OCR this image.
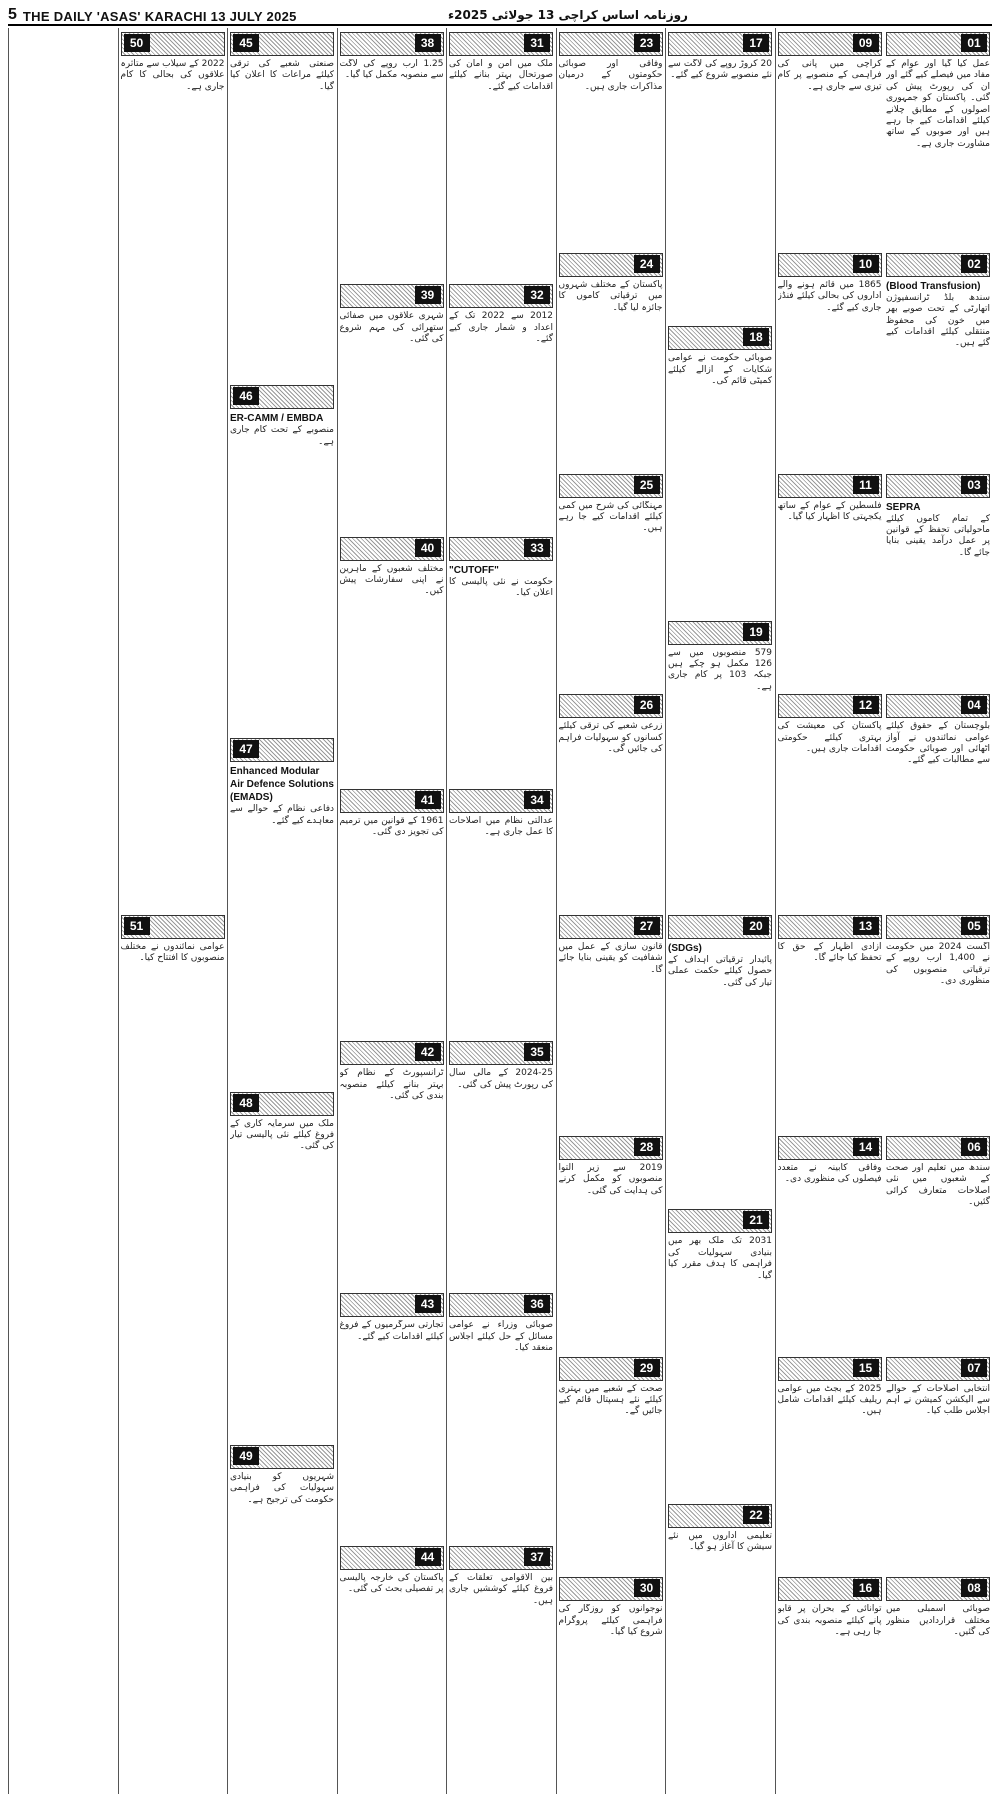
5 THE DAILY 'ASAS' KARACHI 13 JULY 2025	روزنامہ اساس کراچی 13 جولائی 2025ء
01
عمل کیا گیا اور عوام کے مفاد میں فیصلے کیے گئے اور ان کی رپورٹ پیش کی گئی۔ پاکستان کو جمہوری اصولوں کے مطابق چلانے کیلئے اقدامات کیے جا رہے ہیں اور صوبوں کے ساتھ مشاورت جاری ہے۔
02
(Blood Transfusion)
سندھ بلڈ ٹرانسفیوژن اتھارٹی کے تحت صوبے بھر میں خون کی محفوظ منتقلی کیلئے اقدامات کیے گئے ہیں۔
03
SEPRA
کے تمام کاموں کیلئے ماحولیاتی تحفظ کے قوانین پر عمل درآمد یقینی بنایا جائے گا۔
04
بلوچستان کے حقوق کیلئے عوامی نمائندوں نے آواز اٹھائی اور صوبائی حکومت سے مطالبات کیے گئے۔
05
اگست 2024 میں حکومت نے 1,400 ارب روپے کے ترقیاتی منصوبوں کی منظوری دی۔
06
سندھ میں تعلیم اور صحت کے شعبوں میں نئی اصلاحات متعارف کرائی گئیں۔
07
انتخابی اصلاحات کے حوالے سے الیکشن کمیشن نے اہم اجلاس طلب کیا۔
08
صوبائی اسمبلی میں مختلف قراردادیں منظور کی گئیں۔
09
کراچی میں پانی کی فراہمی کے منصوبے پر کام تیزی سے جاری ہے۔
10
1865 میں قائم ہونے والے اداروں کی بحالی کیلئے فنڈز جاری کیے گئے۔
11
فلسطین کے عوام کے ساتھ یکجہتی کا اظہار کیا گیا۔
12
پاکستان کی معیشت کی بہتری کیلئے حکومتی اقدامات جاری ہیں۔
13
آزادی اظہار کے حق کا تحفظ کیا جائے گا۔
14
وفاقی کابینہ نے متعدد فیصلوں کی منظوری دی۔
15
2025 کے بجٹ میں عوامی ریلیف کیلئے اقدامات شامل ہیں۔
16
توانائی کے بحران پر قابو پانے کیلئے منصوبہ بندی کی جا رہی ہے۔
17
20 کروڑ روپے کی لاگت سے نئے منصوبے شروع کیے گئے۔
18
صوبائی حکومت نے عوامی شکایات کے ازالے کیلئے کمیٹی قائم کی۔
19
579 منصوبوں میں سے 126 مکمل ہو چکے ہیں جبکہ 103 پر کام جاری ہے۔
20
(SDGs)
پائیدار ترقیاتی اہداف کے حصول کیلئے حکمت عملی تیار کی گئی۔
21
2031 تک ملک بھر میں بنیادی سہولیات کی فراہمی کا ہدف مقرر کیا گیا۔
22
تعلیمی اداروں میں نئے سیشن کا آغاز ہو گیا۔
23
وفاقی اور صوبائی حکومتوں کے درمیان مذاکرات جاری ہیں۔
24
پاکستان کے مختلف شہروں میں ترقیاتی کاموں کا جائزہ لیا گیا۔
25
مہنگائی کی شرح میں کمی کیلئے اقدامات کیے جا رہے ہیں۔
26
زرعی شعبے کی ترقی کیلئے کسانوں کو سہولیات فراہم کی جائیں گی۔
27
قانون سازی کے عمل میں شفافیت کو یقینی بنایا جائے گا۔
28
2019 سے زیر التوا منصوبوں کو مکمل کرنے کی ہدایت کی گئی۔
29
صحت کے شعبے میں بہتری کیلئے نئے ہسپتال قائم کیے جائیں گے۔
30
نوجوانوں کو روزگار کی فراہمی کیلئے پروگرام شروع کیا گیا۔
31
ملک میں امن و امان کی صورتحال بہتر بنانے کیلئے اقدامات کیے گئے۔
32
2012 سے 2022 تک کے اعداد و شمار جاری کیے گئے۔
33
"CUTOFF"
حکومت نے نئی پالیسی کا اعلان کیا۔
34
عدالتی نظام میں اصلاحات کا عمل جاری ہے۔
35
2024-25 کے مالی سال کی رپورٹ پیش کی گئی۔
36
صوبائی وزراء نے عوامی مسائل کے حل کیلئے اجلاس منعقد کیا۔
37
بین الاقوامی تعلقات کے فروغ کیلئے کوششیں جاری ہیں۔
38
1.25 ارب روپے کی لاگت سے منصوبہ مکمل کیا گیا۔
39
شہری علاقوں میں صفائی ستھرائی کی مہم شروع کی گئی۔
40
مختلف شعبوں کے ماہرین نے اپنی سفارشات پیش کیں۔
41
1961 کے قوانین میں ترمیم کی تجویز دی گئی۔
42
ٹرانسپورٹ کے نظام کو بہتر بنانے کیلئے منصوبہ بندی کی گئی۔
43
تجارتی سرگرمیوں کے فروغ کیلئے اقدامات کیے گئے۔
44
پاکستان کی خارجہ پالیسی پر تفصیلی بحث کی گئی۔
45
صنعتی شعبے کی ترقی کیلئے مراعات کا اعلان کیا گیا۔
46
ER-CAMM / EMBDA
منصوبے کے تحت کام جاری ہے۔
47
Enhanced Modular Air Defence Solutions (EMADS)
دفاعی نظام کے حوالے سے معاہدے کیے گئے۔
48
ملک میں سرمایہ کاری کے فروغ کیلئے نئی پالیسی تیار کی گئی۔
49
شہریوں کو بنیادی سہولیات کی فراہمی حکومت کی ترجیح ہے۔
50
2022 کے سیلاب سے متاثرہ علاقوں کی بحالی کا کام جاری ہے۔
51
عوامی نمائندوں نے مختلف منصوبوں کا افتتاح کیا۔
